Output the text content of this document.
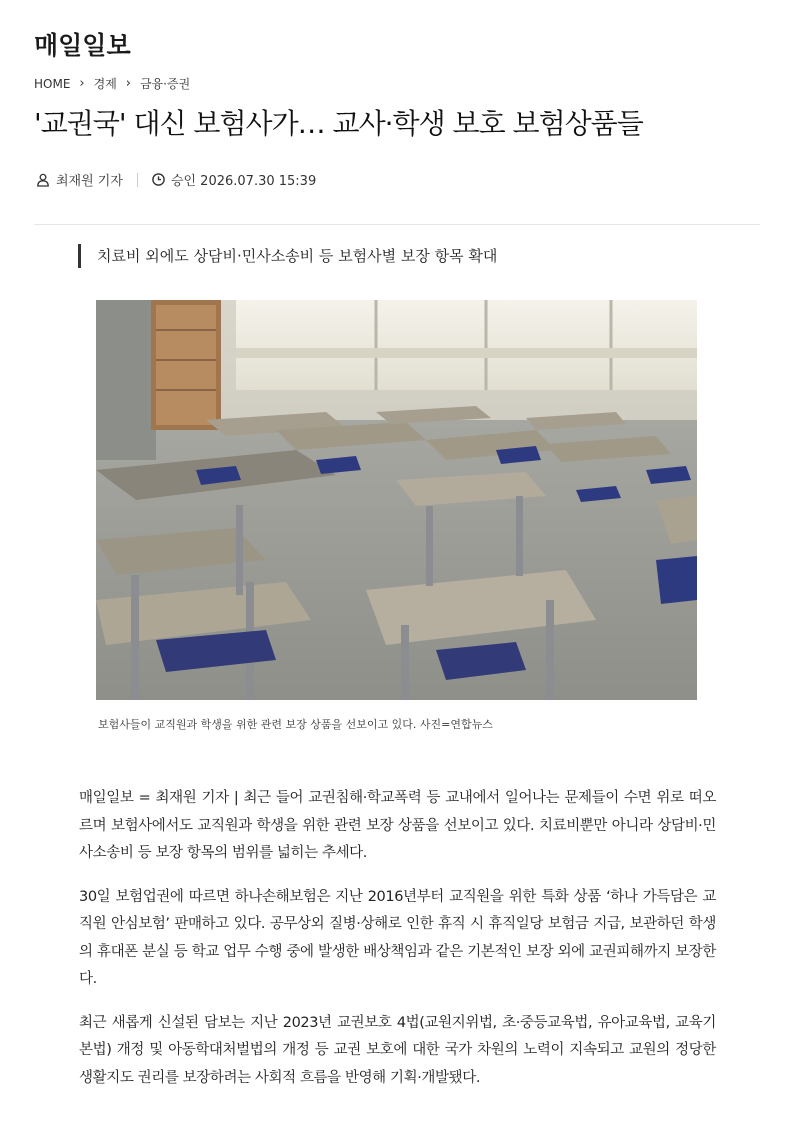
매일일보
HOME › 경제 › 금융·증권
'교권국' 대신 보험사가… 교사·학생 보호 보험상품들
최재원 기자	승인 2026.07.30 15:39
치료비 외에도 상담비·민사소송비 등 보험사별 보장 항목 확대
보험사들이 교직원과 학생을 위한 관련 보장 상품을 선보이고 있다. 사진=연합뉴스

매일일보 = 최재원 기자 | 최근 들어 교권침해·학교폭력 등 교내에서 일어나는 문제들이 수면 위로 떠오르며 보험사에서도 교직원과 학생을 위한 관련 보장 상품을 선보이고 있다. 치료비뿐만 아니라 상담비·민사소송비 등 보장 항목의 범위를 넓히는 추세다.

30일 보험업권에 따르면 하나손해보험은 지난 2016년부터 교직원을 위한 특화 상품 ‘하나 가득담은 교직원 안심보험’ 판매하고 있다. 공무상외 질병·상해로 인한 휴직 시 휴직일당 보험금 지급, 보관하던 학생의 휴대폰 분실 등 학교 업무 수행 중에 발생한 배상책임과 같은 기본적인 보장 외에 교권피해까지 보장한다.

최근 새롭게 신설된 담보는 지난 2023년 교권보호 4법(교원지위법, 초·중등교육법, 유아교육법, 교육기본법) 개정 및 아동학대처벌법의 개정 등 교권 보호에 대한 국가 차원의 노력이 지속되고 교원의 정당한 생활지도 권리를 보장하려는 사회적 흐름을 반영해 기획·개발됐다.
